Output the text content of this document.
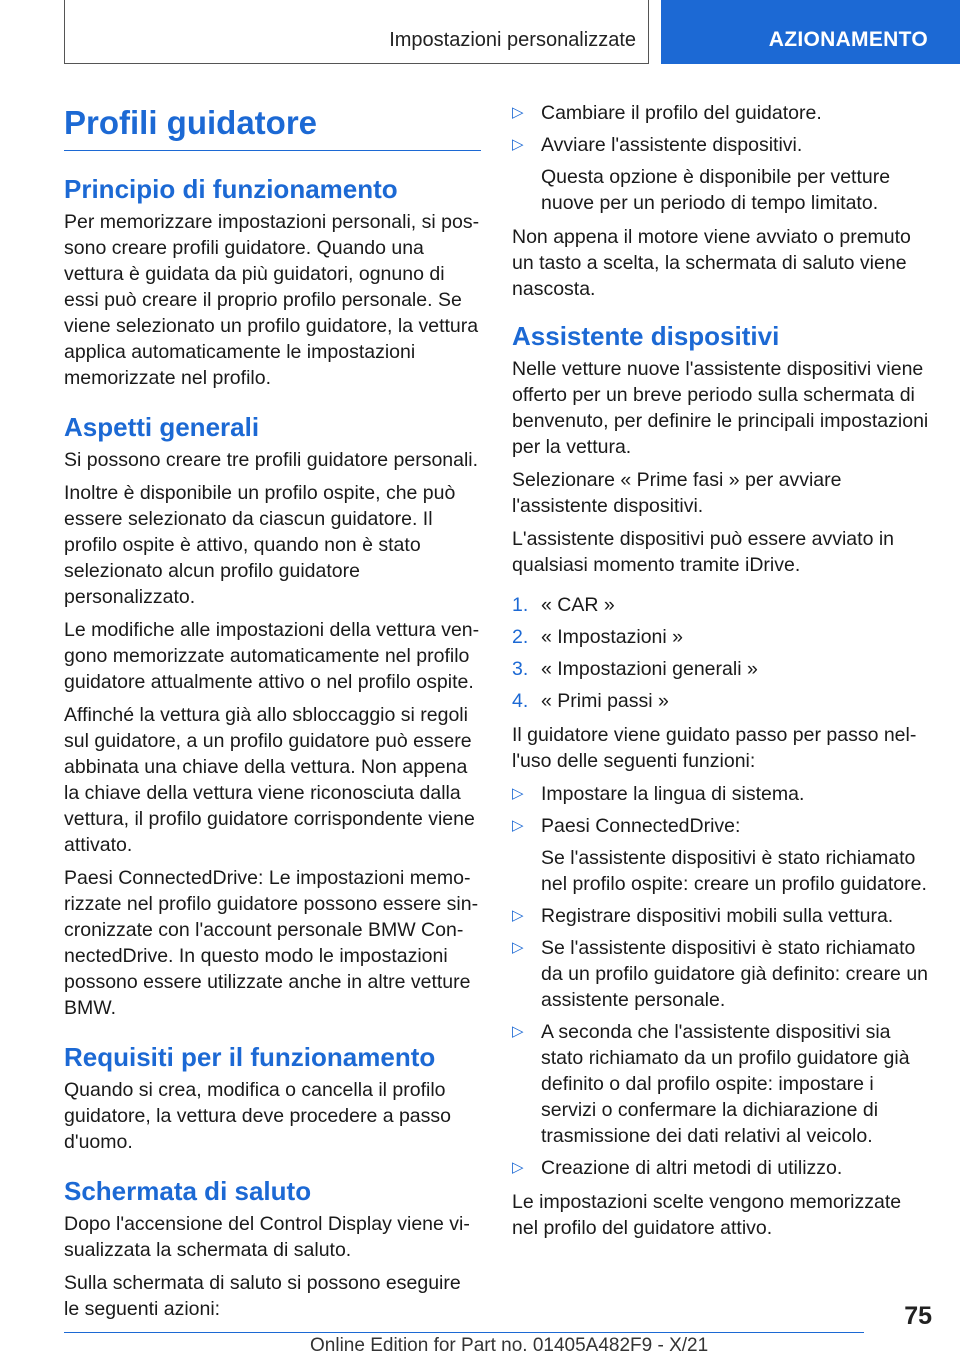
Impostazioni personalizzate	AZIONAMENTO
Profili guidatore
Principio di funzionamento

Per memorizzare impostazioni personali, si possono creare profili guidatore. Quando una vettura è guidata da più guidatori, ognuno di essi può creare il proprio profilo personale. Se viene selezionato un profilo guidatore, la vettura applica automaticamente le impostazioni memorizzate nel profilo.

Aspetti generali

Si possono creare tre profili guidatore personali.

Inoltre è disponibile un profilo ospite, che può essere selezionato da ciascun guidatore. Il profilo ospite è attivo, quando non è stato selezionato alcun profilo guidatore personalizzato.

Le modifiche alle impostazioni della vettura vengono memorizzate automaticamente nel profilo guidatore attualmente attivo o nel profilo ospite.

Affinché la vettura già allo sbloccaggio si regoli sul guidatore, a un profilo guidatore può essere abbinata una chiave della vettura. Non appena la chiave della vettura viene riconosciuta dalla vettura, il profilo guidatore corrispondente viene attivato.

Paesi ConnectedDrive: Le impostazioni memorizzate nel profilo guidatore possono essere sincronizzate con l'account personale BMW ConnectedDrive. In questo modo le impostazioni possono essere utilizzate anche in altre vetture BMW.

Requisiti per il funzionamento

Quando si crea, modifica o cancella il profilo guidatore, la vettura deve procedere a passo d'uomo.

Schermata di saluto

Dopo l'accensione del Control Display viene visualizzata la schermata di saluto.

Sulla schermata di saluto si possono eseguire le seguenti azioni:

▷ Cambiare il profilo del guidatore.
▷ Avviare l'assistente dispositivi.
Questa opzione è disponibile per vetture nuove per un periodo di tempo limitato.

Non appena il motore viene avviato o premuto un tasto a scelta, la schermata di saluto viene nascosta.

Assistente dispositivi

Nelle vetture nuove l'assistente dispositivi viene offerto per un breve periodo sulla schermata di benvenuto, per definire le principali impostazioni per la vettura.

Selezionare « Prime fasi » per avviare l'assistente dispositivi.

L'assistente dispositivi può essere avviato in qualsiasi momento tramite iDrive.

1. « CAR »
2. « Impostazioni »
3. « Impostazioni generali »
4. « Primi passi »

Il guidatore viene guidato passo per passo nell'uso delle seguenti funzioni:

▷ Impostare la lingua di sistema.
▷ Paesi ConnectedDrive:
Se l'assistente dispositivi è stato richiamato nel profilo ospite: creare un profilo guidatore.
▷ Registrare dispositivi mobili sulla vettura.
▷ Se l'assistente dispositivi è stato richiamato da un profilo guidatore già definito: creare un assistente personale.
▷ A seconda che l'assistente dispositivi sia stato richiamato da un profilo guidatore già definito o dal profilo ospite: impostare i servizi o confermare la dichiarazione di trasmissione dei dati relativi al veicolo.
▷ Creazione di altri metodi di utilizzo.

Le impostazioni scelte vengono memorizzate nel profilo del guidatore attivo.

75
Online Edition for Part no. 01405A482F9 - X/21
